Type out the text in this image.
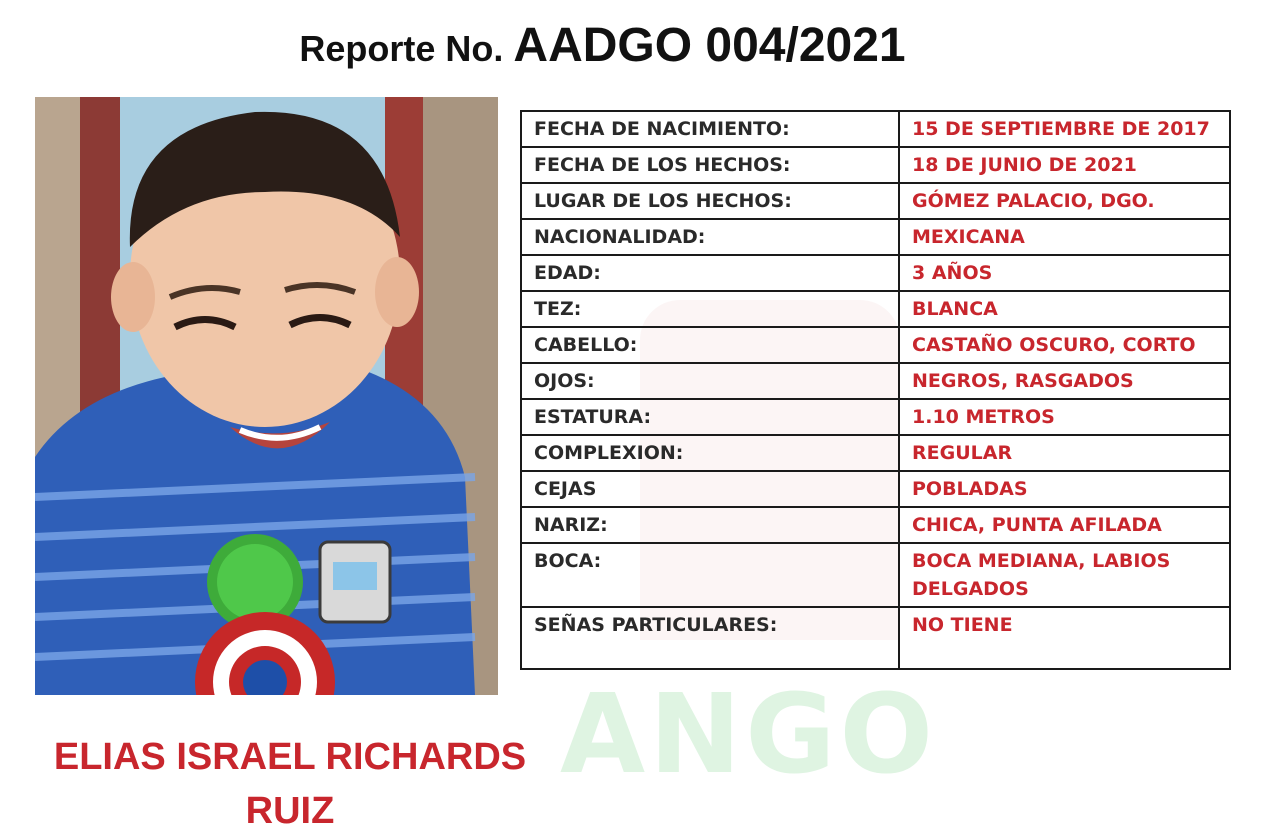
ANGO
Reporte No. AADGO 004/2021
ELIAS ISRAEL RICHARDS RUIZ
FECHA DE NACIMIENTO:	15 DE SEPTIEMBRE DE 2017
FECHA DE LOS HECHOS:	18 DE JUNIO DE 2021
LUGAR DE LOS HECHOS:	GÓMEZ PALACIO, DGO.
NACIONALIDAD:	MEXICANA
EDAD:	3 AÑOS
TEZ:	BLANCA
CABELLO:	CASTAÑO OSCURO, CORTO
OJOS:	NEGROS, RASGADOS
ESTATURA:	1.10 METROS
COMPLEXION:	REGULAR
CEJAS	POBLADAS
NARIZ:	CHICA, PUNTA AFILADA
BOCA:	BOCA MEDIANA, LABIOS DELGADOS
SEÑAS PARTICULARES:	NO TIENE
